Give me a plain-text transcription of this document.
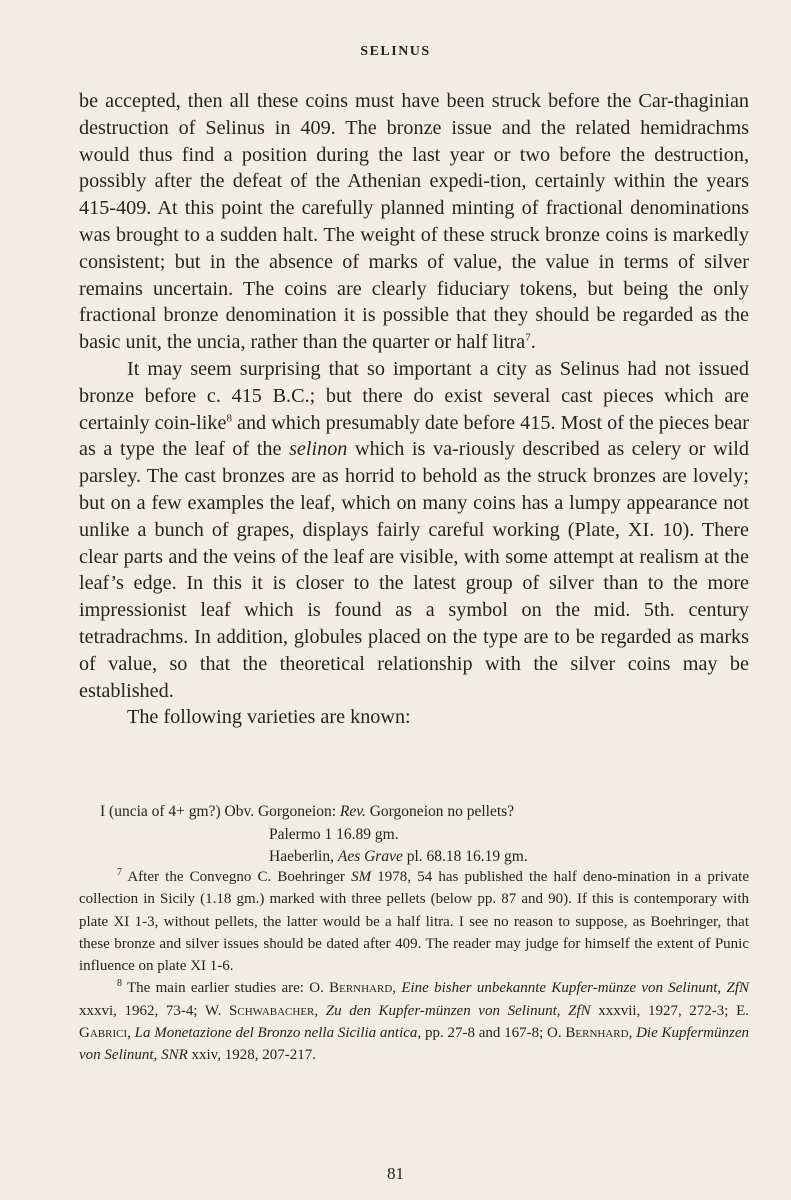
SELINUS

be accepted, then all these coins must have been struck before the Car-thaginian destruction of Selinus in 409. The bronze issue and the related hemidrachms would thus find a position during the last year or two before the destruction, possibly after the defeat of the Athenian expedi-tion, certainly within the years 415-409. At this point the carefully planned minting of fractional denominations was brought to a sudden halt. The weight of these struck bronze coins is markedly consistent; but in the absence of marks of value, the value in terms of silver remains uncertain. The coins are clearly fiduciary tokens, but being the only fractional bronze denomination it is possible that they should be regarded as the basic unit, the uncia, rather than the quarter or half litra$^7$.

It may seem surprising that so important a city as Selinus had not issued bronze before c. 415 B.C.; but there do exist several cast pieces which are certainly coin-like$^8$ and which presumably date before 415. Most of the pieces bear as a type the leaf of the selinon which is va-riously described as celery or wild parsley. The cast bronzes are as horrid to behold as the struck bronzes are lovely; but on a few examples the leaf, which on many coins has a lumpy appearance not unlike a bunch of grapes, displays fairly careful working (Plate, XI. 10). There clear parts and the veins of the leaf are visible, with some attempt at realism at the leaf’s edge. In this it is closer to the latest group of silver than to the more impressionist leaf which is found as a symbol on the mid. 5th. century tetradrachms. In addition, globules placed on the type are to be regarded as marks of value, so that the theoretical relationship with the silver coins may be established.

The following varieties are known:

I (uncia of 4+ gm?) Obv. Gorgoneion: Rev. Gorgoneion no pellets?
Palermo 1 16.89 gm.
Haeberlin, Aes Grave pl. 68.18 16.19 gm.

$^7$ After the Convegno C. Boehringer SM 1978, 54 has published the half deno-mination in a private collection in Sicily (1.18 gm.) marked with three pellets (below pp. 87 and 90). If this is contemporary with plate XI 1-3, without pellets, the latter would be a half litra. I see no reason to suppose, as Boehringer, that these bronze and silver issues should be dated after 409. The reader may judge for himself the extent of Punic influence on plate XI 1-6.

$^8$ The main earlier studies are: O. Bernhard, Eine bisher unbekannte Kupfer-münze von Selinunt, ZfN xxxvi, 1962, 73-4; W. Schwabacher, Zu den Kupfer-münzen von Selinunt, ZfN xxxvii, 1927, 272-3; E. Gabrici, La Monetazione del Bronzo nella Sicilia antica, pp. 27-8 and 167-8; O. Bernhard, Die Kupfermünzen von Selinunt, SNR xxiv, 1928, 207-217.

81
